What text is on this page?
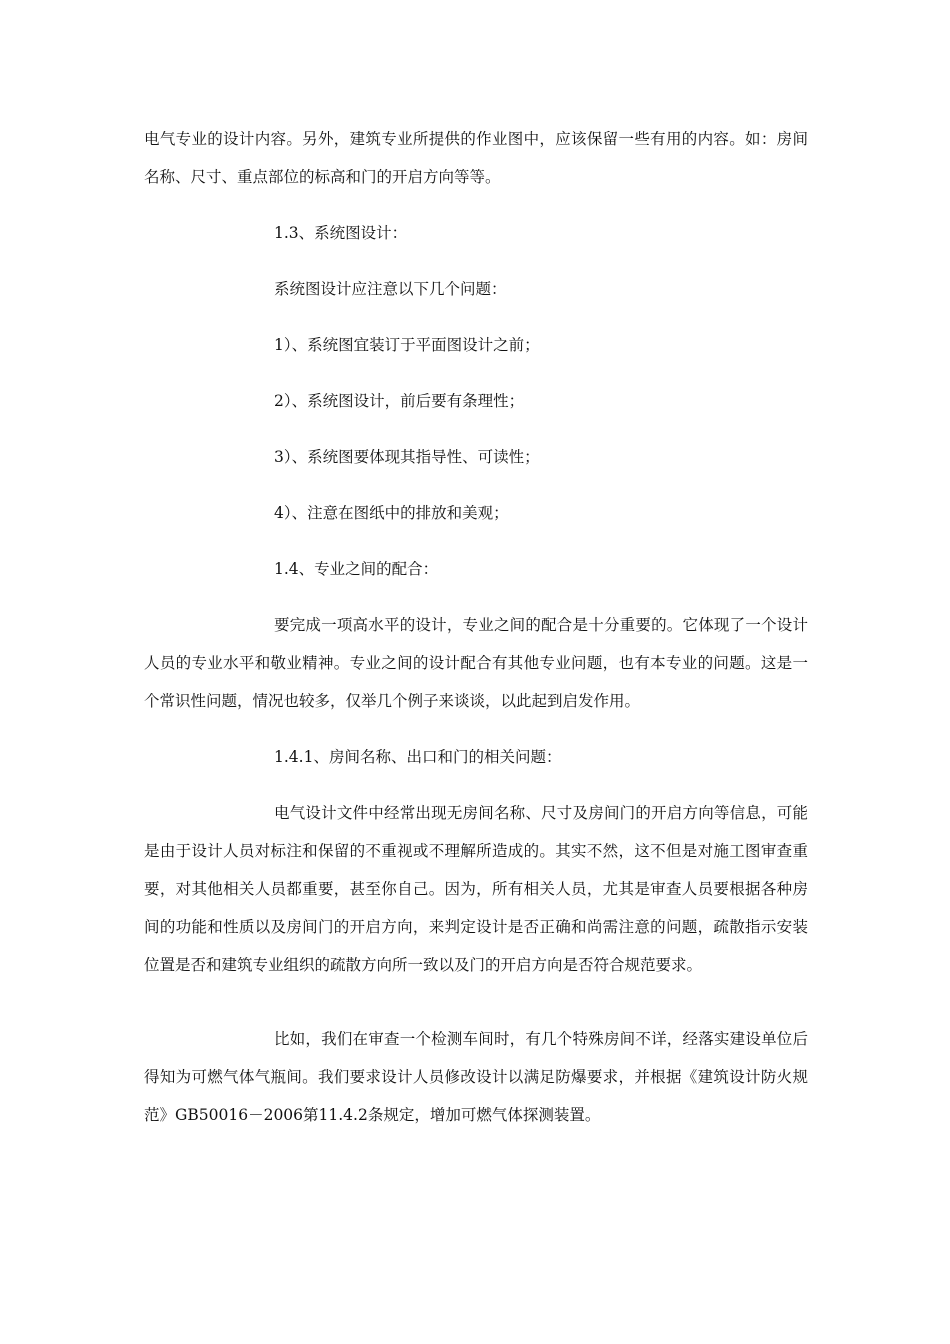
电气专业的设计内容。另外，建筑专业所提供的作业图中，应该保留一些有用的内容。如：房间名称、尺寸、重点部位的标高和门的开启方向等等。

1.3、系统图设计：

系统图设计应注意以下几个问题：

1）、系统图宜装订于平面图设计之前；

2）、系统图设计，前后要有条理性；

3）、系统图要体现其指导性、可读性；

4）、注意在图纸中的排放和美观；

1.4、专业之间的配合：

要完成一项高水平的设计，专业之间的配合是十分重要的。它体现了一个设计人员的专业水平和敬业精神。专业之间的设计配合有其他专业问题，也有本专业的问题。这是一个常识性问题，情况也较多，仅举几个例子来谈谈，以此起到启发作用。

1.4.1、房间名称、出口和门的相关问题：

电气设计文件中经常出现无房间名称、尺寸及房间门的开启方向等信息，可能是由于设计人员对标注和保留的不重视或不理解所造成的。其实不然，这不但是对施工图审查重要，对其他相关人员都重要，甚至你自己。因为，所有相关人员，尤其是审查人员要根据各种房间的功能和性质以及房间门的开启方向，来判定设计是否正确和尚需注意的问题，疏散指示安装位置是否和建筑专业组织的疏散方向所一致以及门的开启方向是否符合规范要求。

比如，我们在审查一个检测车间时，有几个特殊房间不详，经落实建设单位后得知为可燃气体气瓶间。我们要求设计人员修改设计以满足防爆要求，并根据《建筑设计防火规范》GB50016－2006第11.4.2条规定，增加可燃气体探测装置。
